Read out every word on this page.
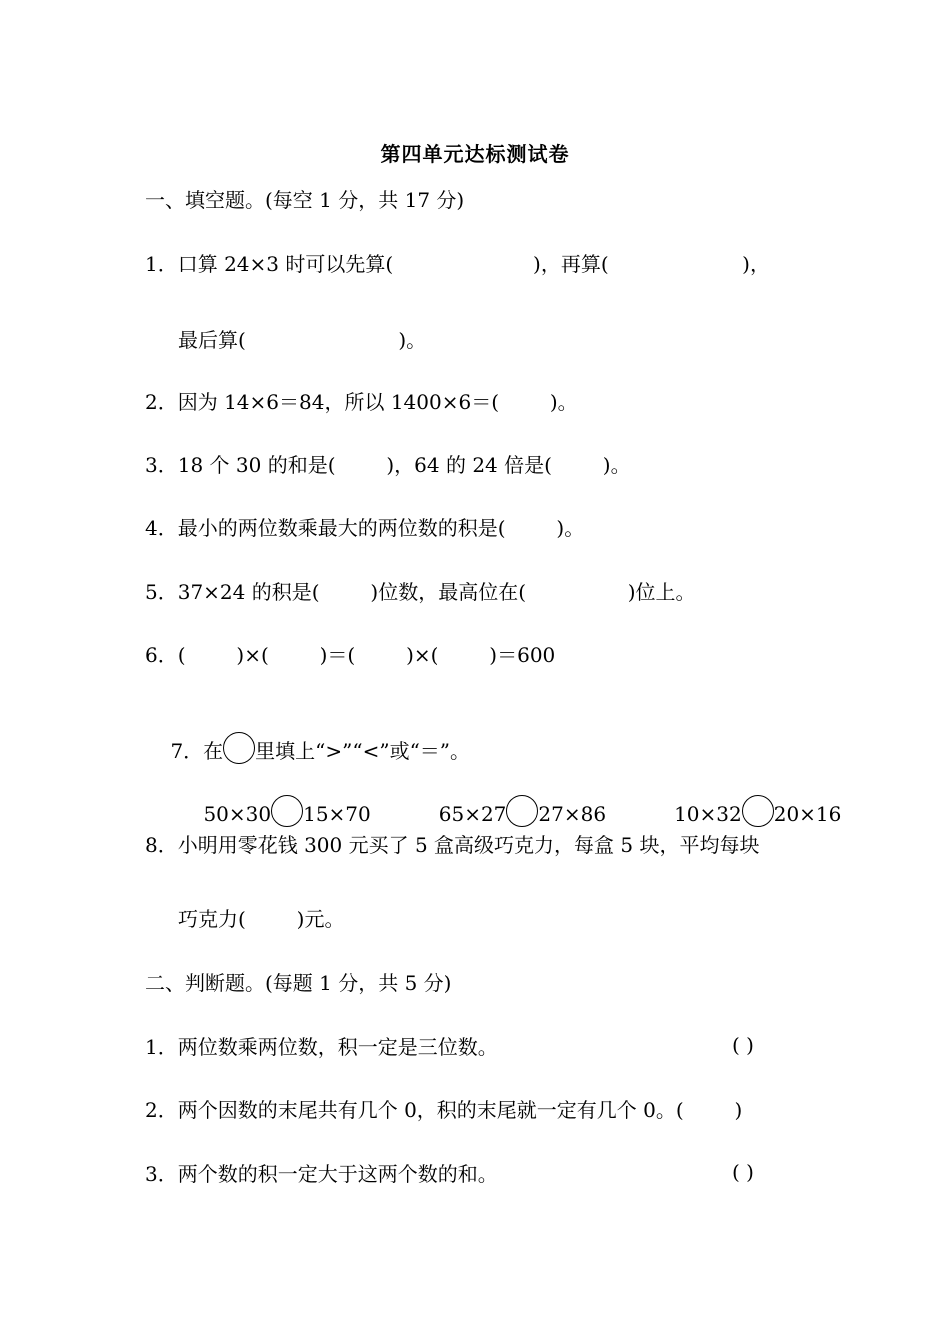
第四单元达标测试卷
一、填空题。(每空 1 分，共 17 分)
1．口算 24×3 时可以先算(                      )，再算(                     )，
最后算(                        )。
2．因为 14×6＝84，所以 1400×6＝(        )。
3．18 个 30 的和是(        )，64 的 24 倍是(        )。
4．最小的两位数乘最大的两位数的积是(        )。
5．37×24 的积是(        )位数，最高位在(                )位上。
6．(        )×(        )＝(        )×(        )＝600

7．在 里填上“>”“<”或“＝”。

50×30 15×70	65×27 27×86	10×32 20×16

8．小明用零花钱 300 元买了 5 盒高级巧克力，每盒 5 块，平均每块
巧克力(        )元。
二、判断题。(每题 1 分，共 5 分)
1．两位数乘两位数，积一定是三位数。	( )
2．两个因数的末尾共有几个 0，积的末尾就一定有几个 0。(        )
3．两个数的积一定大于这两个数的和。	( )
